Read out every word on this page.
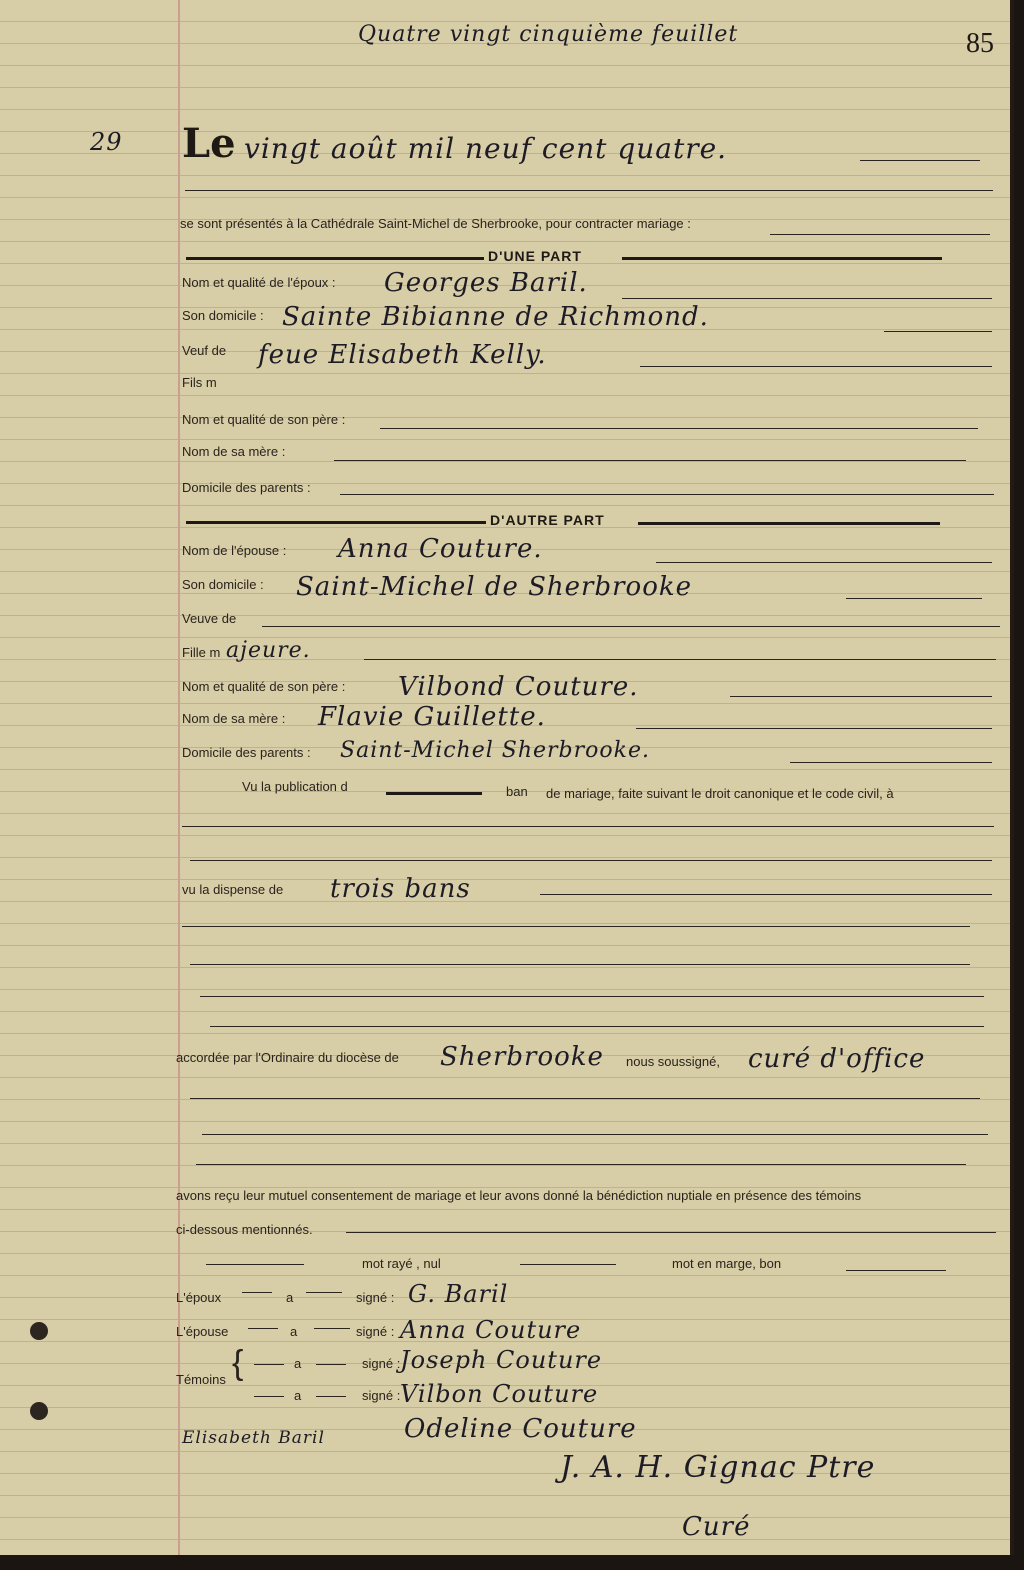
Quatre vingt cinquième feuillet	85
29 Le vingt août mil neuf cent quatre.
se sont présentés à la Cathédrale Saint-Michel de Sherbrooke, pour contracter mariage :
D'UNE PART
Nom et qualité de l'époux : Georges Baril.
Son domicile : Sainte Bibianne de Richmond.
Veuf de feue Elisabeth Kelly.
Fils m
Nom et qualité de son père :
Nom de sa mère :
Domicile des parents :
D'AUTRE PART
Nom de l'épouse : Anna Couture.
Son domicile : Saint-Michel de Sherbrooke
Veuve de
Fille m ajeure.
Nom et qualité de son père : Vilbond Couture.
Nom de sa mère : Flavie Guillette.
Domicile des parents : Saint-Michel Sherbrooke.
Vu la publication d	ban de mariage, faite suivant le droit canonique et le code civil, à
vu la dispense de trois bans
accordée par l'Ordinaire du diocèse de Sherbrooke nous soussigné, curé d'office
avons reçu leur mutuel consentement de mariage et leur avons donné la bénédiction nuptiale en présence des témoins
ci-dessous mentionnés.
mot rayé , nul	mot en marge, bon
L'époux	a	signé : G. Baril
L'épouse	a	signé : Anna Couture
Témoins {	a	signé : Joseph Couture
a	signé : Vilbon Couture
Elisabeth Baril	Odeline Couture
J. A. H. Gignac Ptre
Curé
